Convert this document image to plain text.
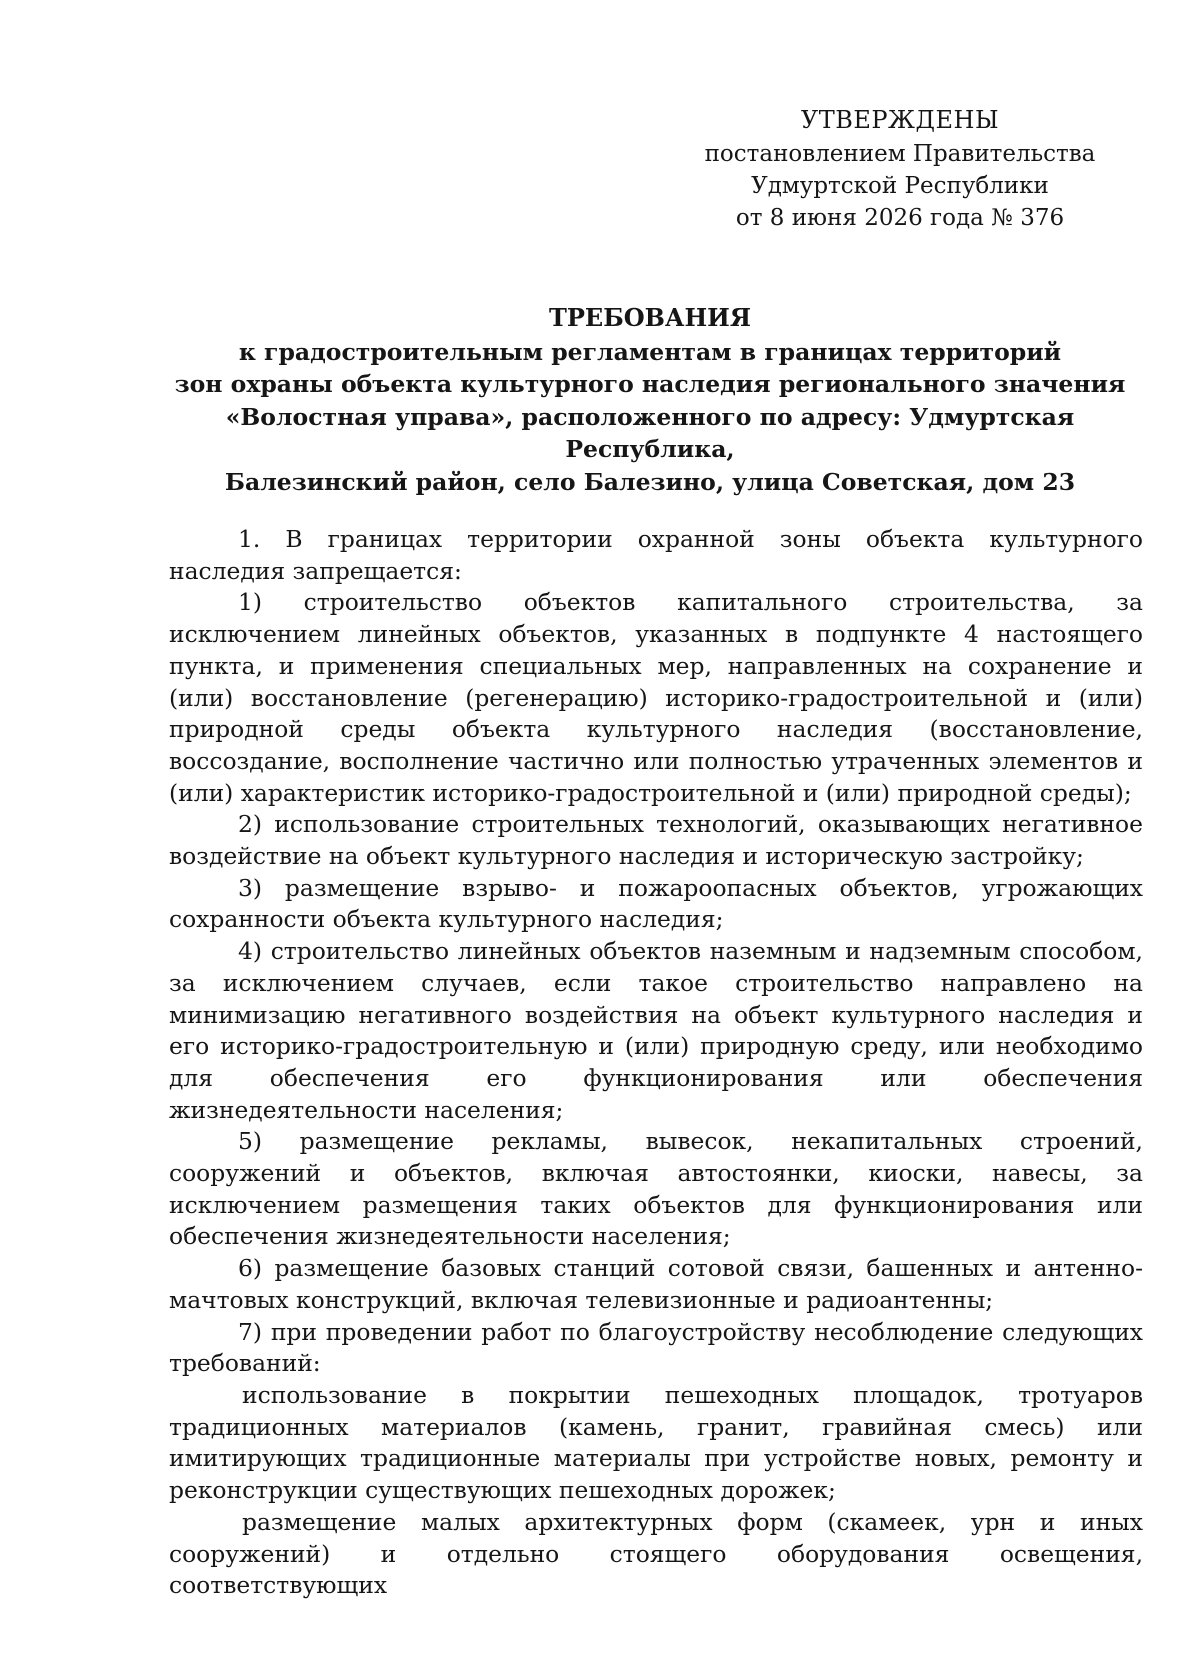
УТВЕРЖДЕНЫ
постановлением Правительства
Удмуртской Республики
от 8 июня 2026 года № 376
ТРЕБОВАНИЯ
к градостроительным регламентам в границах территорий
зон охраны объекта культурного наследия регионального значения
«Волостная управа», расположенного по адресу: Удмуртская Республика,
Балезинский район, село Балезино, улица Советская, дом 23

1. В границах территории охранной зоны объекта культурного наследия запрещается:

1) строительство объектов капитального строительства, за исключением линейных объектов, указанных в подпункте 4 настоящего пункта, и применения специальных мер, направленных на сохранение и (или) восстановление (регенерацию) историко-градостроительной и (или) природной среды объекта культурного наследия (восстановление, воссоздание, восполнение частично или полностью утраченных элементов и (или) характеристик историко-градостроительной и (или) природной среды);

2) использование строительных технологий, оказывающих негативное воздействие на объект культурного наследия и историческую застройку;

3) размещение взрыво- и пожароопасных объектов, угрожающих сохранности объекта культурного наследия;

4) строительство линейных объектов наземным и надземным способом, за исключением случаев, если такое строительство направлено на минимизацию негативного воздействия на объект культурного наследия и его историко-градостроительную и (или) природную среду, или необходимо для обеспечения его функционирования или обеспечения жизнедеятельности населения;

5) размещение рекламы, вывесок, некапитальных строений, сооружений и объектов, включая автостоянки, киоски, навесы, за исключением размещения таких объектов для функционирования или обеспечения жизнедеятельности населения;

6) размещение базовых станций сотовой связи, башенных и антенно-мачтовых конструкций, включая телевизионные и радиоантенны;

7) при проведении работ по благоустройству несоблюдение следующих требований:

использование в покрытии пешеходных площадок, тротуаров традиционных материалов (камень, гранит, гравийная смесь) или имитирующих традиционные материалы при устройстве новых, ремонту и реконструкции существующих пешеходных дорожек;

размещение малых архитектурных форм (скамеек, урн и иных сооружений) и отдельно стоящего оборудования освещения, соответствующих
